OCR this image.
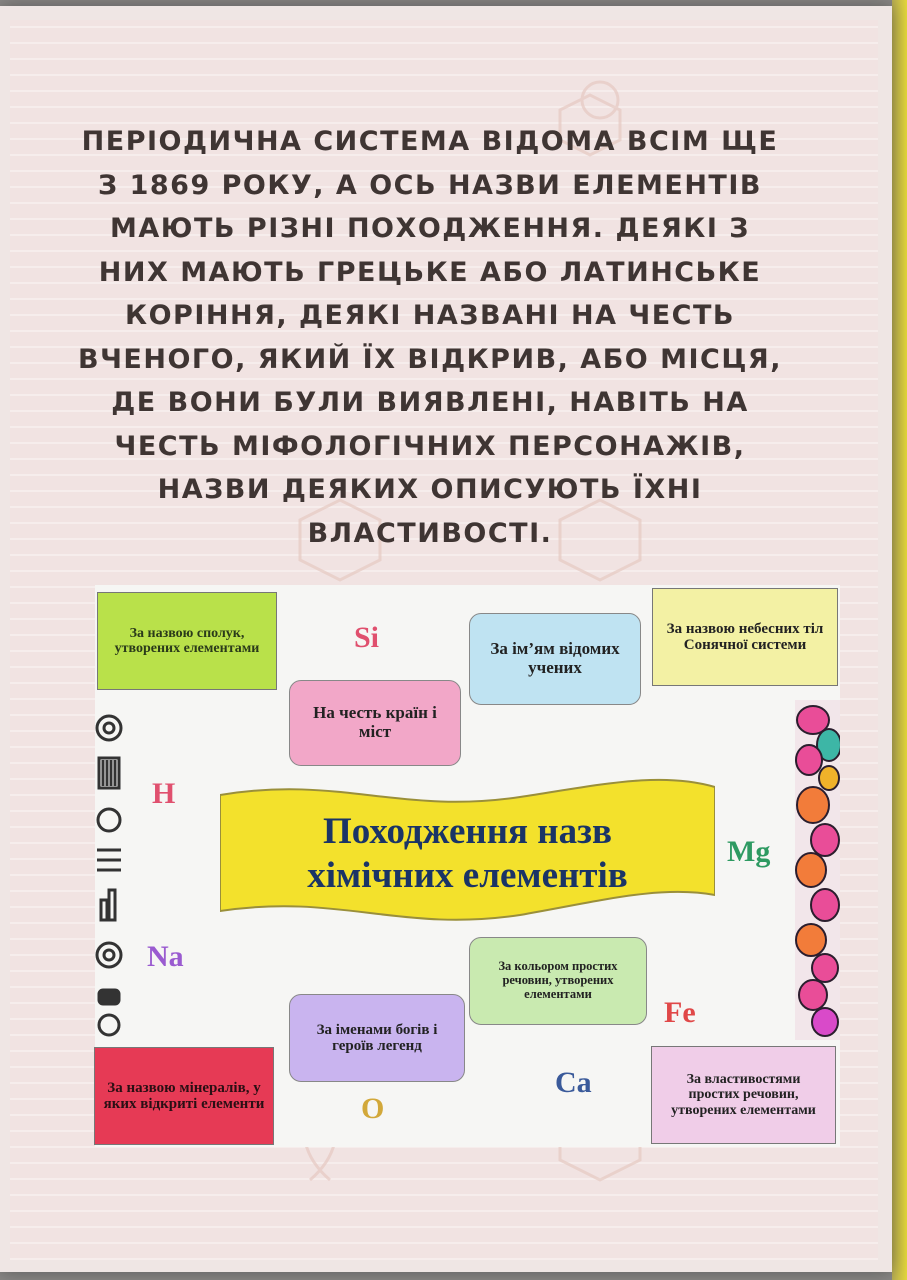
ПЕРІОДИЧНА СИСТЕМА ВІДОМА ВСІМ ЩЕ З 1869 РОКУ, А ОСЬ НАЗВИ ЕЛЕМЕНТІВ МАЮТЬ РІЗНІ ПОХОДЖЕННЯ. ДЕЯКІ З НИХ МАЮТЬ ГРЕЦЬКЕ АБО ЛАТИНСЬКЕ КОРІННЯ, ДЕЯКІ НАЗВАНІ НА ЧЕСТЬ ВЧЕНОГО, ЯКИЙ ЇХ ВІДКРИВ, АБО МІСЦЯ, ДЕ ВОНИ БУЛИ ВИЯВЛЕНІ, НАВІТЬ НА ЧЕСТЬ МІФОЛОГІЧНИХ ПЕРСОНАЖІВ, НАЗВИ ДЕЯКИХ ОПИСУЮТЬ ЇХНІ ВЛАСТИВОСТІ.

Походження назв
хімічних елементів
За назвою сполук, утворених елементами
На честь країн і міст
За ім’ям відомих учених
За назвою небесних тіл Сонячної системи
За кольором простих речовин, утворених елементами
За іменами богів і героїв легенд
За назвою мінералів, у яких відкриті елементи
За властивостями простих речовин, утворених елементами
Si
H
Na
Mg
Fe
Ca
O
